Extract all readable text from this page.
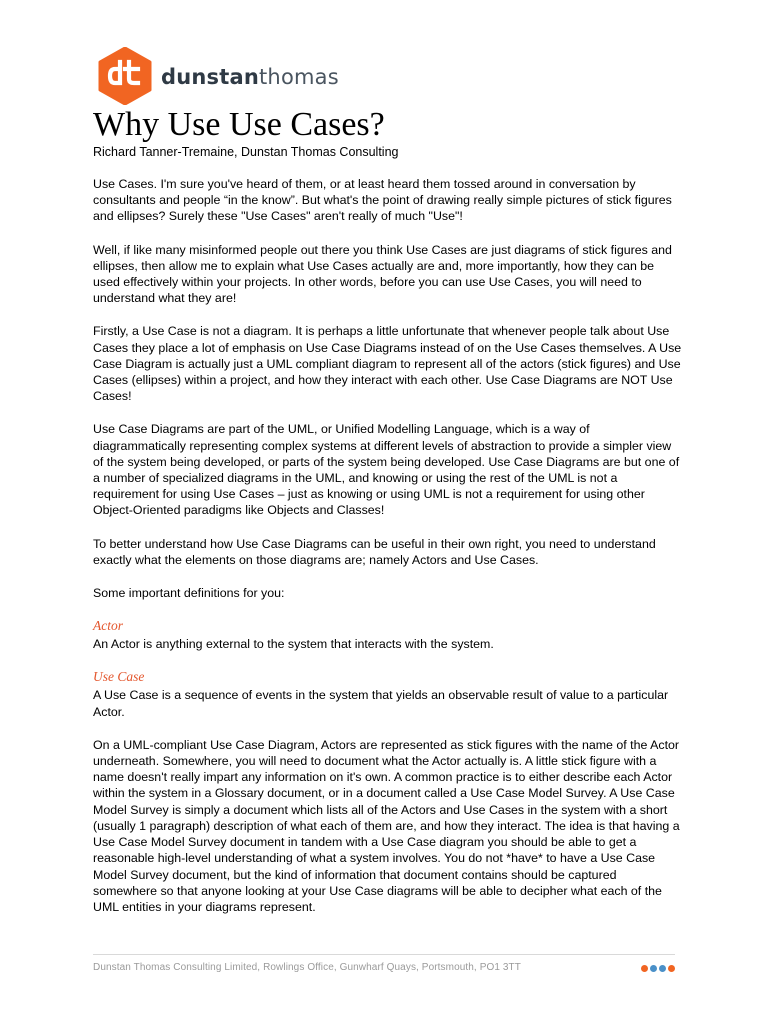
dunstanthomas
Why Use Use Cases?
Richard Tanner-Tremaine, Dunstan Thomas Consulting

Use Cases. I'm sure you've heard of them, or at least heard them tossed around in conversation by consultants and people “in the know”. But what's the point of drawing really simple pictures of stick figures and ellipses? Surely these "Use Cases" aren't really of much "Use"!

Well, if like many misinformed people out there you think Use Cases are just diagrams of stick figures and ellipses, then allow me to explain what Use Cases actually are and, more importantly, how they can be used effectively within your projects. In other words, before you can use Use Cases, you will need to understand what they are!

Firstly, a Use Case is not a diagram. It is perhaps a little unfortunate that whenever people talk about Use Cases they place a lot of emphasis on Use Case Diagrams instead of on the Use Cases themselves. A Use Case Diagram is actually just a UML compliant diagram to represent all of the actors (stick figures) and Use Cases (ellipses) within a project, and how they interact with each other. Use Case Diagrams are NOT Use Cases!

Use Case Diagrams are part of the UML, or Unified Modelling Language, which is a way of diagrammatically representing complex systems at different levels of abstraction to provide a simpler view of the system being developed, or parts of the system being developed. Use Case Diagrams are but one of a number of specialized diagrams in the UML, and knowing or using the rest of the UML is not a requirement for using Use Cases – just as knowing or using UML is not a requirement for using other Object-Oriented paradigms like Objects and Classes!

To better understand how Use Case Diagrams can be useful in their own right, you need to understand exactly what the elements on those diagrams are; namely Actors and Use Cases.

Some important definitions for you:

Actor

An Actor is anything external to the system that interacts with the system.

Use Case

A Use Case is a sequence of events in the system that yields an observable result of value to a particular Actor.

On a UML-compliant Use Case Diagram, Actors are represented as stick figures with the name of the Actor underneath. Somewhere, you will need to document what the Actor actually is. A little stick figure with a name doesn't really impart any information on it's own. A common practice is to either describe each Actor within the system in a Glossary document, or in a document called a Use Case Model Survey. A Use Case Model Survey is simply a document which lists all of the Actors and Use Cases in the system with a short (usually 1 paragraph) description of what each of them are, and how they interact. The idea is that having a Use Case Model Survey document in tandem with a Use Case diagram you should be able to get a reasonable high-level understanding of what a system involves. You do not *have* to have a Use Case Model Survey document, but the kind of information that document contains should be captured somewhere so that anyone looking at your Use Case diagrams will be able to decipher what each of the UML entities in your diagrams represent.

Dunstan Thomas Consulting Limited, Rowlings Office, Gunwharf Quays, Portsmouth, PO1 3TT
